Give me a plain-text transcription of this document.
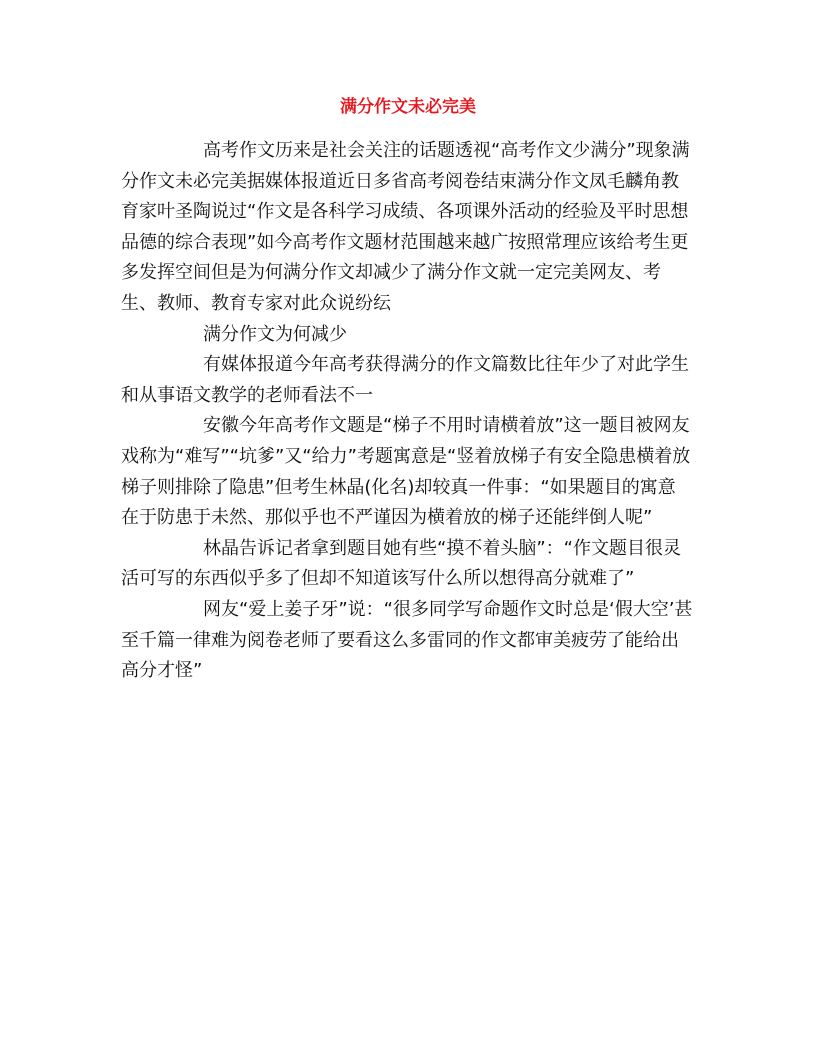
满分作文未必完美

高考作文历来是社会关注的话题透视“高考作文少满分”现象满分作文未必完美据媒体报道近日多省高考阅卷结束满分作文凤毛麟角教育家叶圣陶说过“作文是各科学习成绩、各项课外活动的经验及平时思想品德的综合表现”如今高考作文题材范围越来越广按照常理应该给考生更多发挥空间但是为何满分作文却减少了满分作文就一定完美网友、考生、教师、教育专家对此众说纷纭

满分作文为何减少

有媒体报道今年高考获得满分的作文篇数比往年少了对此学生和从事语文教学的老师看法不一

安徽今年高考作文题是“梯子不用时请横着放”这一题目被网友戏称为“难写”“坑爹”又“给力”考题寓意是“竖着放梯子有安全隐患横着放梯子则排除了隐患”但考生林晶(化名)却较真一件事：“如果题目的寓意在于防患于未然、那似乎也不严谨因为横着放的梯子还能绊倒人呢”

林晶告诉记者拿到题目她有些“摸不着头脑”：“作文题目很灵活可写的东西似乎多了但却不知道该写什么所以想得高分就难了”

网友“爱上姜子牙”说：“很多同学写命题作文时总是‘假大空’甚至千篇一律难为阅卷老师了要看这么多雷同的作文都审美疲劳了能给出高分才怪”
